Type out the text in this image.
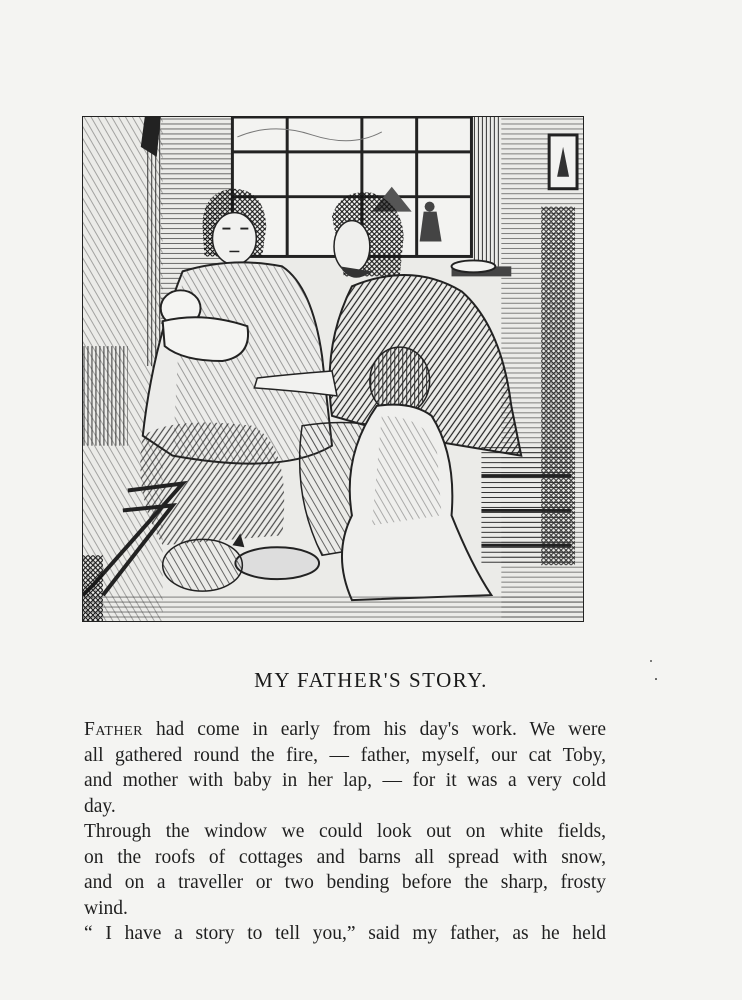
MY FATHER'S STORY.

Father had come in early from his day's work. We were
all gathered round the fire, — father, myself, our cat Toby,
and mother with baby in her lap, — for it was a very cold
day.

Through the window we could look out on white fields,
on the roofs of cottages and barns all spread with snow,
and on a traveller or two bending before the sharp, frosty
wind.

“ I have a story to tell you,” said my father, as he held
